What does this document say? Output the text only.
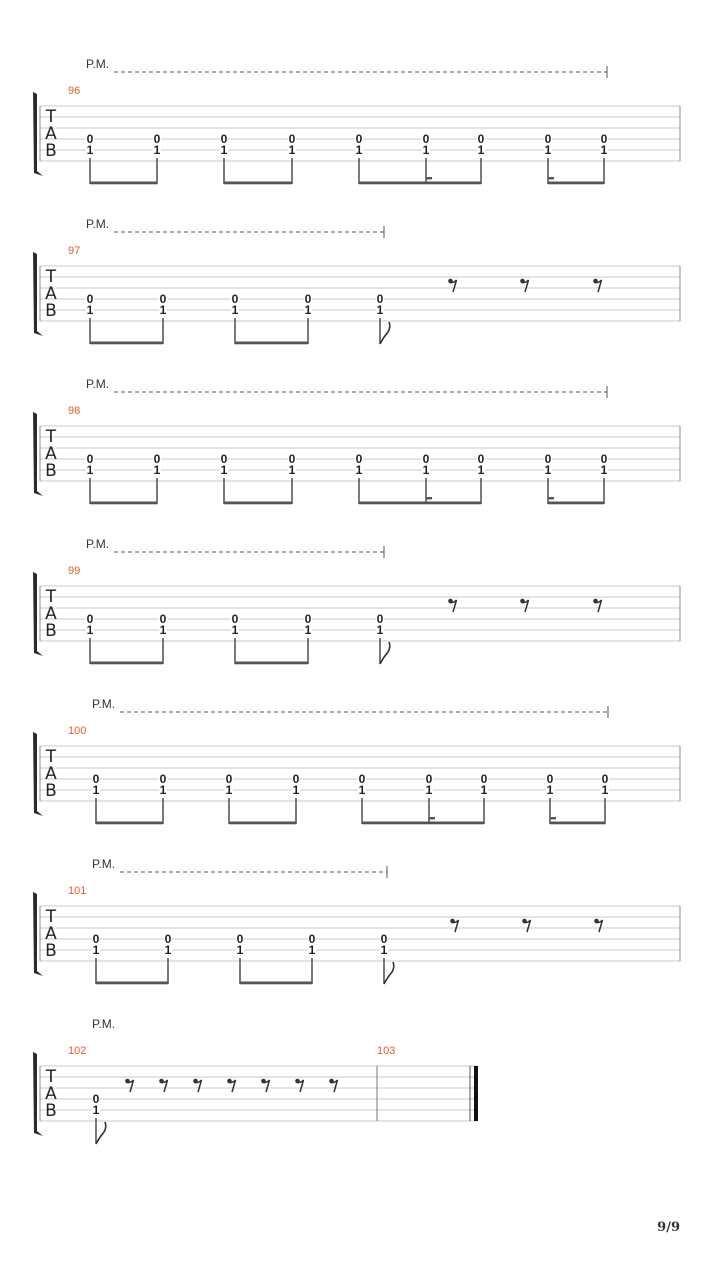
P.M.
T
A
B
96
0
1
0
1
0
1
0
1
0
1
0
1
0
1
0
1
0
1
P.M.
T
A
B
97
0
1
0
1
0
1
0
1
0
1
P.M.
T
A
B
98
0
1
0
1
0
1
0
1
0
1
0
1
0
1
0
1
0
1
P.M.
T
A
B
99
0
1
0
1
0
1
0
1
0
1
P.M.
T
A
B
100
0
1
0
1
0
1
0
1
0
1
0
1
0
1
0
1
0
1
P.M.
T
A
B
101
0
1
0
1
0
1
0
1
0
1
P.M.
T
A
B
102	103
0
1
9/9
